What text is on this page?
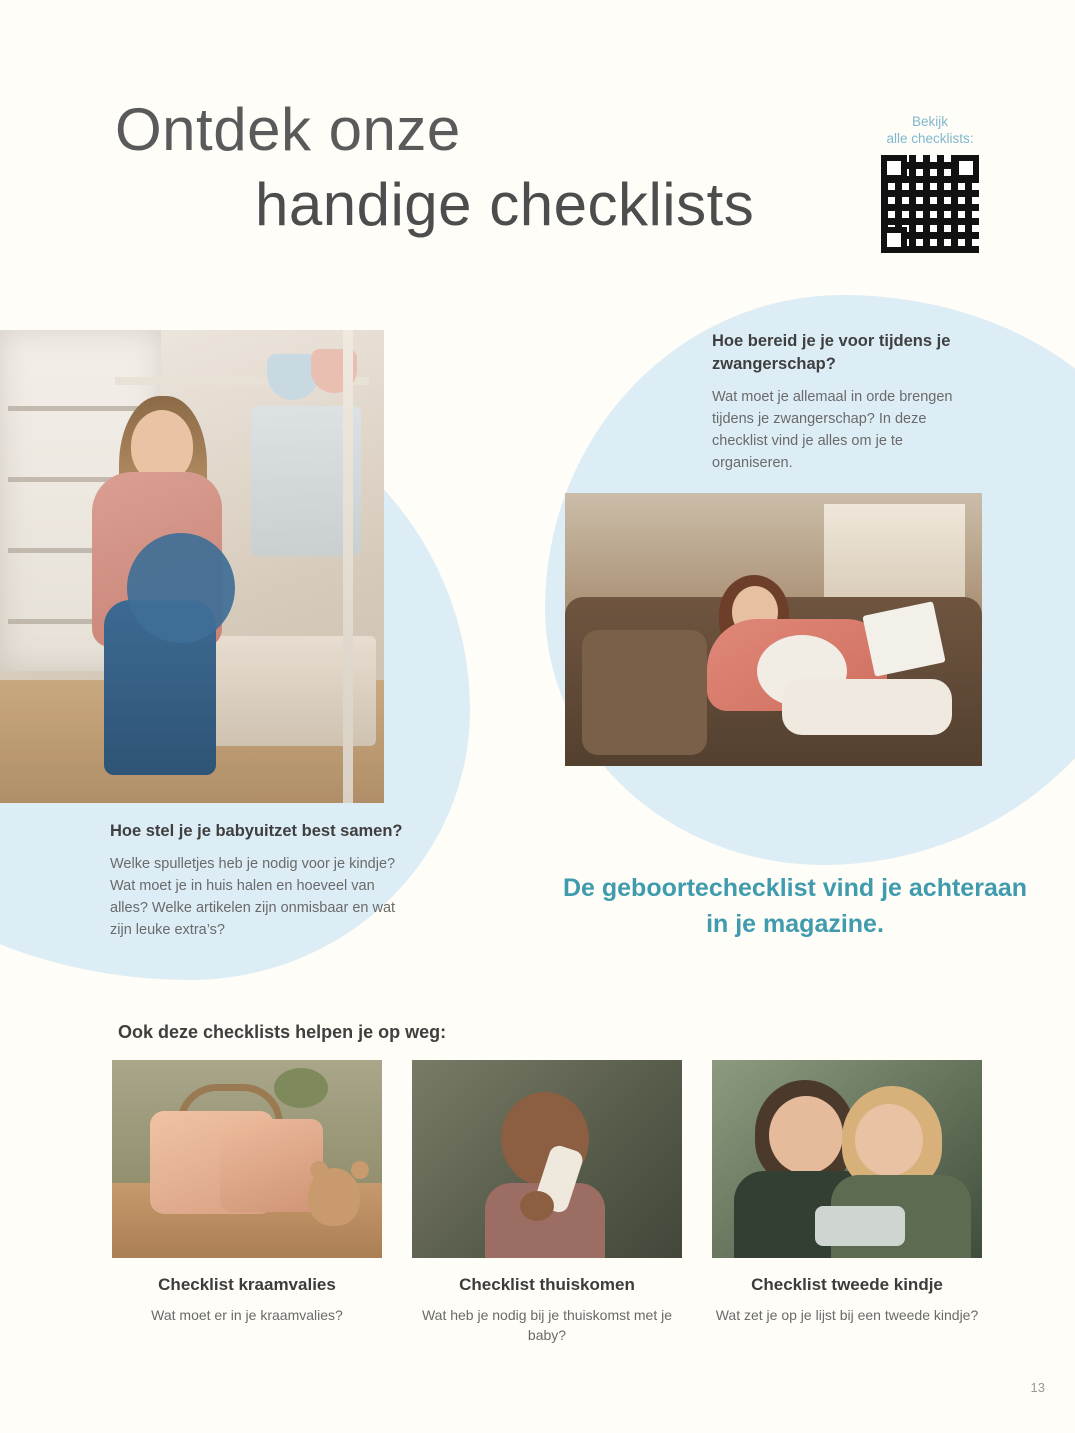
Ontdek onze
handige checklists
Bekijk
alle checklists:

Hoe bereid je je voor tijdens je zwangerschap?

Wat moet je allemaal in orde brengen tijdens je zwangerschap? In deze checklist vind je alles om je te organiseren.

Hoe stel je je babyuitzet best samen?

Welke spulletjes heb je nodig voor je kindje? Wat moet je in huis halen en hoeveel van alles? Welke artikelen zijn onmisbaar en wat zijn leuke extra’s?

De geboortechecklist vind je achteraan in je magazine.
Ook deze checklists helpen je op weg:
Checklist kraamvalies
Wat moet er in je kraamvalies?
Checklist thuiskomen
Wat heb je nodig bij je thuiskomst met je baby?
Checklist tweede kindje
Wat zet je op je lijst bij een tweede kindje?
13
